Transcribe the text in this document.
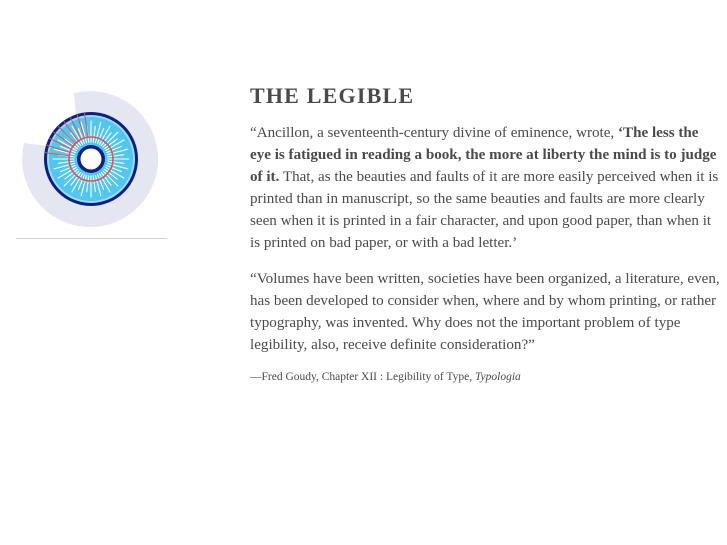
THE LEGIBLE

“Ancillon, a seventeenth-century divine of eminence, wrote, ‘The less the eye is fatigued in reading a book, the more at liberty the mind is to judge of it. That, as the beauties and faults of it are more easily perceived when it is printed than in manuscript, so the same beauties and faults are more clearly seen when it is printed in a fair character, and upon good paper, than when it is printed on bad paper, or with a bad letter.’

“Volumes have been written, societies have been organized, a literature, even, has been developed to consider when, where and by whom printing, or rather typography, was invented. Why does not the important problem of type legibility, also, receive definite consideration?”

—Fred Goudy, Chapter XII : Legibility of Type, Typologia
